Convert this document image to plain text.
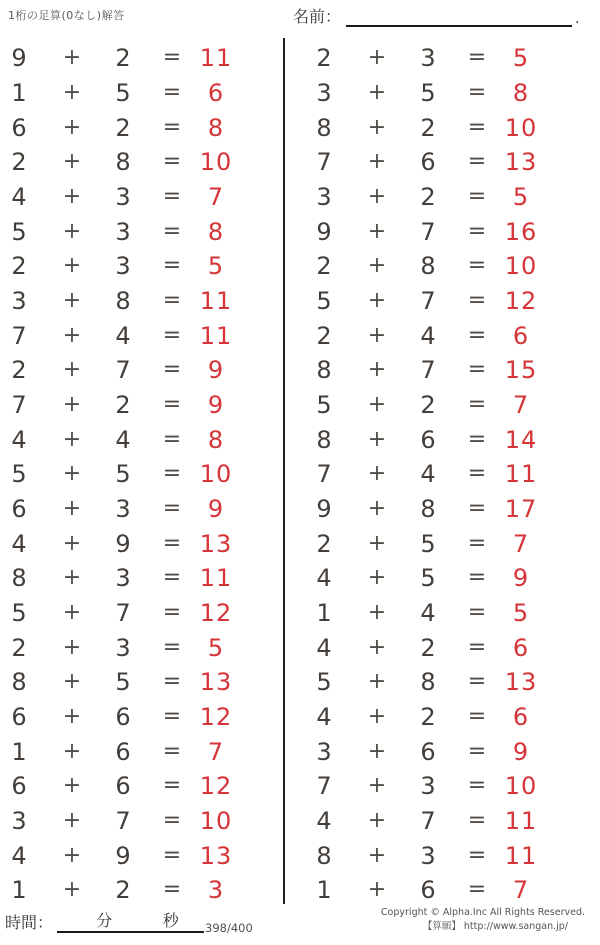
1桁の足算(0なし)解答	名前：	.
9	+	2	= 11
1	+	5	=	6
6	+	2	=	8
2	+	8	= 10
4	+	3	=	7
5	+	3	=	8
2	+	3	=	5
3	+	8	= 11
7	+	4	= 11
2	+	7	=	9
7	+	2	=	9
4	+	4	=	8
5	+	5	= 10
6	+	3	=	9
4	+	9	= 13
8	+	3	= 11
5	+	7	= 12
2	+	3	=	5
8	+	5	= 13
6	+	6	= 12
1	+	6	=	7
6	+	6	= 12
3	+	7	= 10
4	+	9	= 13
1	+	2	=	3
2	+	3	=	5
3	+	5	=	8
8	+	2	= 10
7	+	6	= 13
3	+	2	=	5
9	+	7	= 16
2	+	8	= 10
5	+	7	= 12
2	+	4	=	6
8	+	7	= 15
5	+	2	=	7
8	+	6	= 14
7	+	4	= 11
9	+	8	= 17
2	+	5	=	7
4	+	5	=	9
1	+	4	=	5
4	+	2	=	6
5	+	8	= 13
4	+	2	=	6
3	+	6	=	9
7	+	3	= 10
4	+	7	= 11
8	+	3	= 11
1	+	6	=	7
時間：	分	秒 398/400
Copyright © Alpha.Inc All Rights Reserved.
【算願】 http://www.sangan.jp/
